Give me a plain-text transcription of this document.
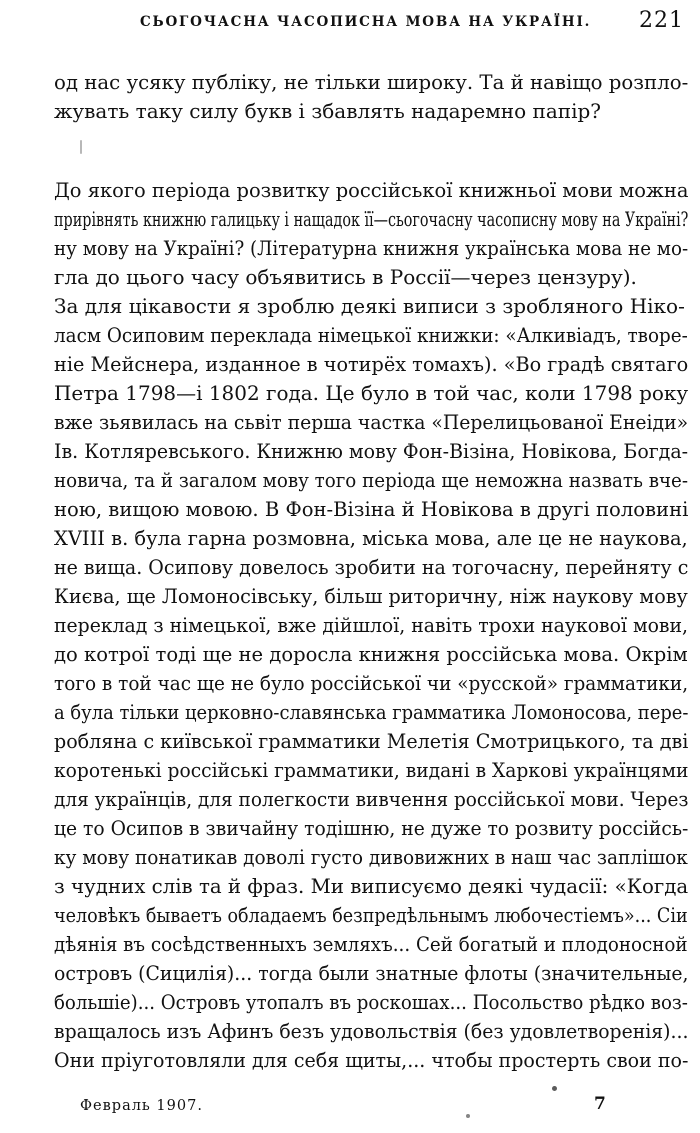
СЬОГОЧАСНА ЧАСОПИСНА МОВА НА УКРАЇНІ. 221
од нас усяку публіку, не тільки широку. Та й навіщо розпло-
жувать таку силу букв і збавлять надаремно папір?
До якого періода розвитку россійської книжньої мови можна
прирівнять книжню галицьку і нащадок її—сьогочасну часописну мову на Україні?
ну мову на Україні? (Літературна книжня українська мова не мо-
гла до цього часу объявитись в Россії—через цензуру).
За для цікавости я зроблю деякі виписи з зробляного Ніко-
ласм Осиповим переклада німецької книжки: «Алкивіадъ, творе-
ніе Мейснера, изданное в чотирёх томахъ). «Во градѣ святаго
Петра 1798—і 1802 года. Це було в той час, коли 1798 року
вже зьявилась на сьвіт перша частка «Перелицьованої Енеіди»
Ів. Котляревського. Книжню мову Фон-Візіна, Новікова, Богда-
новича, та й загалом мову того періода ще неможна назвать вче-
ною, вищою мовою. В Фон-Візіна й Новікова в другі половині
XVIII в. була гарна розмовна, міська мова, але це не наукова,
не вища. Осипову довелось зробити на тогочасну, перейняту с
Києва, ще Ломоносівську, більш риторичну, ніж наукову мову
переклад з німецької, вже дійшлої, навіть трохи наукової мови,
до котрої тоді ще не доросла книжня россійська мова. Окрім
того в той час ще не було россійської чи «русской» грамматики,
а була тільки церковно-славянська грамматика Ломоносова, пере-
робляна с київської грамматики Мелетія Смотрицького, та дві
коротенькі россійські грамматики, видані в Харкові українцями
для українців, для полегкости вивчення россійської мови. Через
це то Осипов в звичайну тодішню, не дуже то розвиту россійсь-
ку мову понатикав доволі густо дивовижних в наш час заплішок
з чудних слів та й фраз. Ми виписуємо деякі чудасії: «Когда
человѣкъ бываетъ обладаемъ безпредѣльнымъ любочестіемъ»... Сіи
дѣянія въ сосѣдственныхъ земляхъ... Сей богатый и плодоносной
островъ (Сицилія)... тогда были знатные флоты (значительные,
большіе)... Островъ утопалъ въ роскошах... Посольство рѣдко воз-
вращалось изъ Афинъ безъ удовольствія (без удовлетворенія)...
Они пріуготовляли для себя щиты,... чтобы простерть свои по-
Февраль 1907.	7
